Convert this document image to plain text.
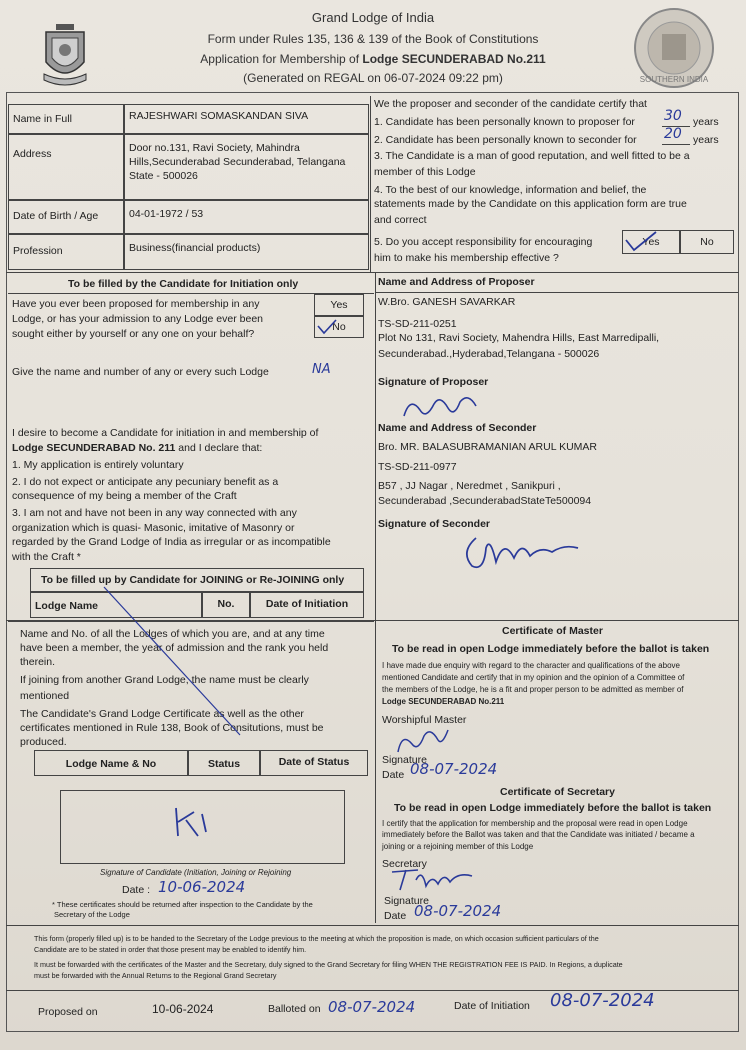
SOUTHERN INDIA
Grand Lodge of India
Form under Rules 135, 136 & 139 of the Book of Constitutions
Application for Membership of Lodge SECUNDERABAD No.211
(Generated on REGAL on 06-07-2024 09:22 pm)
Name in Full	RAJESHWARI SOMASKANDAN SIVA
Address	Door no.131, Ravi Society, Mahindra
Hills,Secunderabad Secunderabad, Telangana
State - 500026
Date of Birth / Age	04-01-1972 / 53
Profession	Business(financial products)
We the proposer and seconder of the candidate certify that
1. Candidate has been personally known to proposer for 30 years
2. Candidate has been personally known to seconder for 20 years
3. The Candidate is a man of good reputation, and well fitted to be a
member of this Lodge
4. To the best of our knowledge, information and belief, the
statements made by the Candidate on this application form are true
and correct
5. Do you accept responsibility for encouraging
him to make his membership effective ?
Yes	No
To be filled by the Candidate for Initiation only
Have you ever been proposed for membership in any
Lodge, or has your admission to any Lodge ever been
sought either by yourself or any one on your behalf?
Yes
No
Give the name and number of any or every such Lodge	NA
I desire to become a Candidate for initiation in and membership of
Lodge SECUNDERABAD No. 211 and I declare that:
1. My application is entirely voluntary
2. I do not expect or anticipate any pecuniary benefit as a
consequence of my being a member of the Craft
3. I am not and have not been in any way connected with any
organization which is quasi- Masonic, imitative of Masonry or
regarded by the Grand Lodge of India as irregular or as incompatible
with the Craft *
To be filled up by Candidate for JOINING or Re-JOINING only
Lodge Name	No.	Date of Initiation
Name and No. of all the Lodges of which you are, and at any time
have been a member, the year of admission and the rank you held
therein.
If joining from another Grand Lodge, the name must be clearly
mentioned
The Candidate's Grand Lodge Certificate as well as the other
certificates mentioned in Rule 138, Book of Consitutions, must be
produced.
Lodge Name & No	Status	Date of Status
Signature of Candidate (Initiation, Joining or Rejoining
Date : 10-06-2024
* These certificates should be returned after inspection to the Candidate by the
Secretary of the Lodge
Name and Address of Proposer
W.Bro. GANESH SAVARKAR
TS-SD-211-0251
Plot No 131, Ravi Society, Mahendra Hills, East Marredipalli,
Secunderabad.,Hyderabad,Telangana - 500026
Signature of Proposer
Name and Address of Seconder
Bro. MR. BALASUBRAMANIAN ARUL KUMAR
TS-SD-211-0977
B57 , JJ Nagar , Neredmet , Sanikpuri ,
Secunderabad ,SecunderabadStateTe500094
Signature of Seconder
Certificate of Master
To be read in open Lodge immediately before the ballot is taken
I have made due enquiry with regard to the character and qualifications of the above
mentioned Candidate and certify that in my opinion and the opinion of a Committee of
the members of the Lodge, he is a fit and proper person to be admitted as member of
Lodge SECUNDERABAD No.211
Worshipful Master
Signature
Date 08-07-2024
Certificate of Secretary
To be read in open Lodge immediately before the ballot is taken
I certify that the application for membership and the proposal were read in open Lodge
immediately before the Ballot was taken and that the Candidate was initiated / became a
joining or a rejoining member of this Lodge
Secretary
Signature
Date 08-07-2024
This form (properly filled up) is to be handed to the Secretary of the Lodge previous to the meeting at which the proposition is made, on which occasion sufficient particulars of the
Candidate are to be stated in order that those present may be enabled to identify him.
It must be forwarded with the certificates of the Master and the Secretary, duly signed to the Grand Secretary for filing WHEN THE REGISTRATION FEE IS PAID. In Regions, a duplicate
must be forwarded with the Annual Returns to the Regional Grand Secretary
Proposed on	10-06-2024	Balloted on 08-07-2024	Date of Initiation 08-07-2024
